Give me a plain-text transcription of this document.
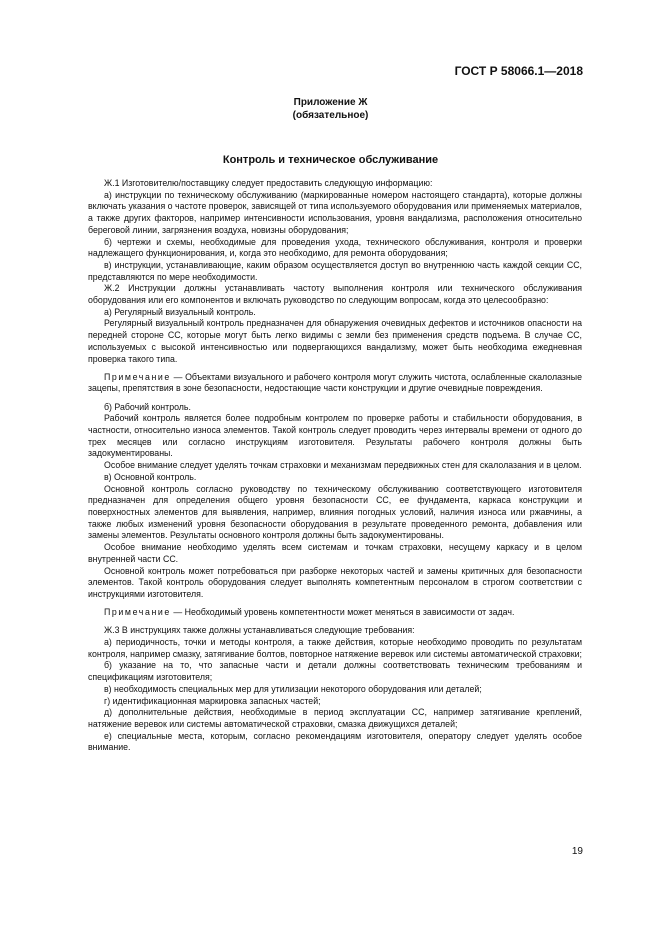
ГОСТ Р 58066.1—2018
Приложение Ж
(обязательное)
Контроль и техническое обслуживание

Ж.1 Изготовителю/поставщику следует предоставить следующую информацию:

а) инструкции по техническому обслуживанию (маркированные номером настоящего стандарта), которые должны включать указания о частоте проверок, зависящей от типа используемого оборудования или применяемых материалов, а также других факторов, например интенсивности использования, уровня вандализма, расположения относительно береговой линии, загрязнения воздуха, новизны оборудования;

б) чертежи и схемы, необходимые для проведения ухода, технического обслуживания, контроля и проверки надлежащего функционирования, и, когда это необходимо, для ремонта оборудования;

в) инструкции, устанавливающие, каким образом осуществляется доступ во внутреннюю часть каждой секции СС, представляются по мере необходимости.

Ж.2 Инструкции должны устанавливать частоту выполнения контроля или технического обслуживания оборудования или его компонентов и включать руководство по следующим вопросам, когда это целесообразно:

а) Регулярный визуальный контроль.

Регулярный визуальный контроль предназначен для обнаружения очевидных дефектов и источников опасности на передней стороне СС, которые могут быть легко видимы с земли без применения средств подъема. В случае СС, используемых с высокой интенсивностью или подвергающихся вандализму, может быть необходима ежедневная проверка такого типа.

Примечание — Объектами визуального и рабочего контроля могут служить чистота, ослабленные скалолазные зацепы, препятствия в зоне безопасности, недостающие части конструкции и другие очевидные повреждения.

б) Рабочий контроль.

Рабочий контроль является более подробным контролем по проверке работы и стабильности оборудования, в частности, относительно износа элементов. Такой контроль следует проводить через интервалы времени от одного до трех месяцев или согласно инструкциям изготовителя. Результаты рабочего контроля должны быть задокументированы.

Особое внимание следует уделять точкам страховки и механизмам передвижных стен для скалолазания и в целом.

в) Основной контроль.

Основной контроль согласно руководству по техническому обслуживанию соответствующего изготовителя предназначен для определения общего уровня безопасности СС, ее фундамента, каркаса конструкции и поверхностных элементов для выявления, например, влияния погодных условий, наличия износа или ржавчины, а также любых изменений уровня безопасности оборудования в результате проведенного ремонта, добавления или замены элементов. Результаты основного контроля должны быть задокументированы.

Особое внимание необходимо уделять всем системам и точкам страховки, несущему каркасу и в целом внутренней части СС.

Основной контроль может потребоваться при разборке некоторых частей и замены критичных для безопасности элементов. Такой контроль оборудования следует выполнять компетентным персоналом в строгом соответствии с инструкциями изготовителя.

Примечание — Необходимый уровень компетентности может меняться в зависимости от задач.

Ж.3 В инструкциях также должны устанавливаться следующие требования:

а) периодичность, точки и методы контроля, а также действия, которые необходимо проводить по результатам контроля, например смазку, затягивание болтов, повторное натяжение веревок или системы автоматической страховки;

б) указание на то, что запасные части и детали должны соответствовать техническим требованиям и спецификациям изготовителя;

в) необходимость специальных мер для утилизации некоторого оборудования или деталей;

г) идентификационная маркировка запасных частей;

д) дополнительные действия, необходимые в период эксплуатации СС, например затягивание креплений, натяжение веревок или системы автоматической страховки, смазка движущихся деталей;

е) специальные места, которым, согласно рекомендациям изготовителя, оператору следует уделять особое внимание.

19
